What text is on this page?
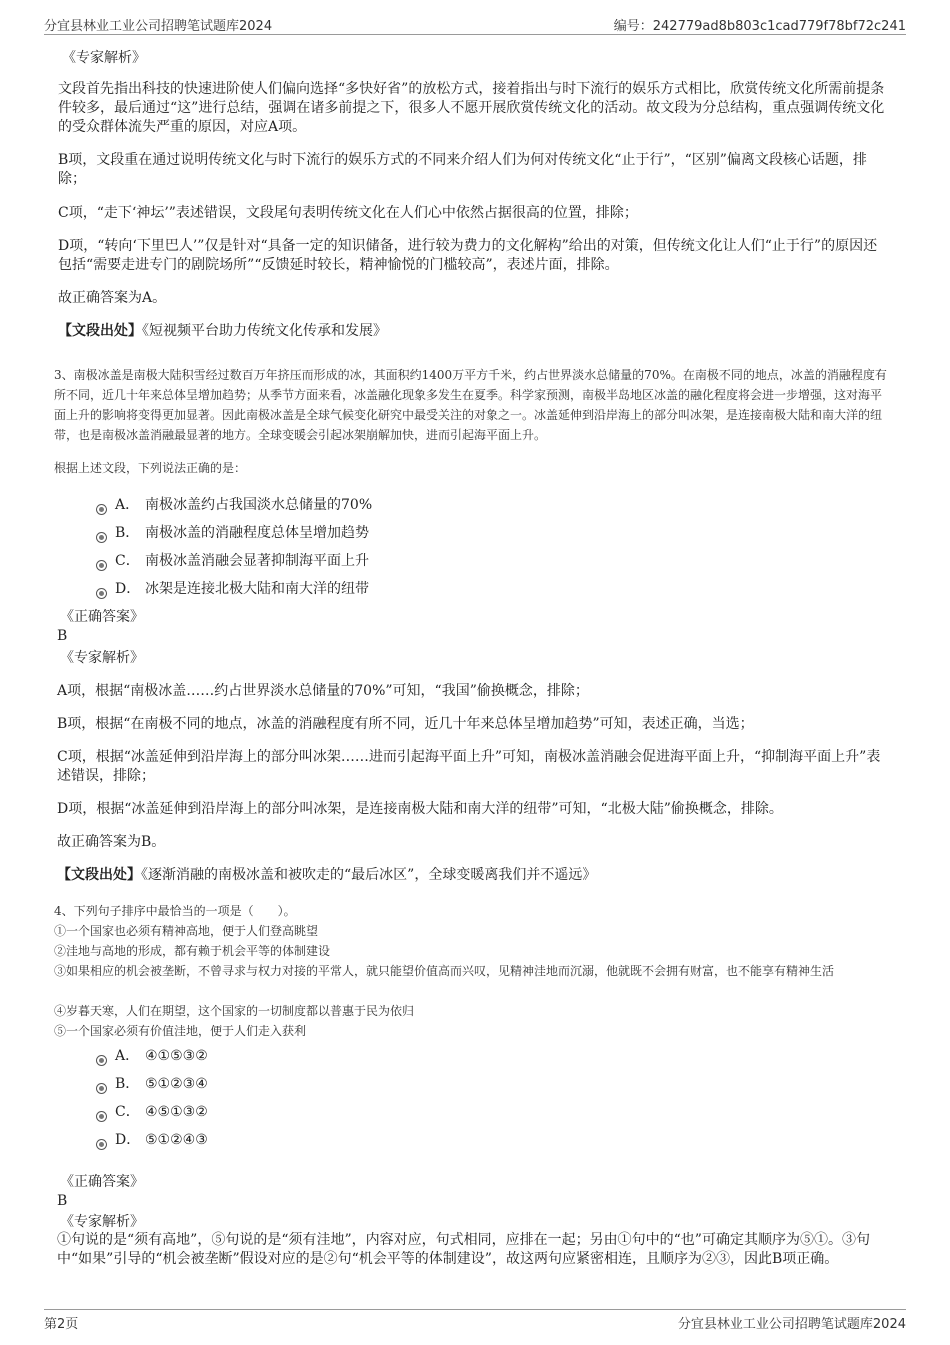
分宜县林业工业公司招聘笔试题库2024	编号：242779ad8b803c1cad779f78bf72c241
《专家解析》
文段首先指出科技的快速进阶使人们偏向选择“多快好省”的放松方式，接着指出与时下流行的娱乐方式相比，欣赏传统文化所需前提条件较多，最后通过“这”进行总结，强调在诸多前提之下，很多人不愿开展欣赏传统文化的活动。故文段为分总结构，重点强调传统文化的受众群体流失严重的原因，对应A项。
B项，文段重在通过说明传统文化与时下流行的娱乐方式的不同来介绍人们为何对传统文化“止于行”，“区别”偏离文段核心话题，排除；
C项，“走下‘神坛’”表述错误，文段尾句表明传统文化在人们心中依然占据很高的位置，排除；
D项，“转向‘下里巴人’”仅是针对“具备一定的知识储备，进行较为费力的文化解构”给出的对策，但传统文化让人们“止于行”的原因还包括“需要走进专门的剧院场所”“反馈延时较长，精神愉悦的门槛较高”，表述片面，排除。
故正确答案为A。
【文段出处】《短视频平台助力传统文化传承和发展》
3、南极冰盖是南极大陆积雪经过数百万年挤压而形成的冰，其面积约1400万平方千米，约占世界淡水总储量的70%。在南极不同的地点，冰盖的消融程度有所不同，近几十年来总体呈增加趋势；从季节方面来看，冰盖融化现象多发生在夏季。科学家预测，南极半岛地区冰盖的融化程度将会进一步增强，这对海平面上升的影响将变得更加显著。因此南极冰盖是全球气候变化研究中最受关注的对象之一。冰盖延伸到沿岸海上的部分叫冰架，是连接南极大陆和南大洋的纽带，也是南极冰盖消融最显著的地方。全球变暖会引起冰架崩解加快，进而引起海平面上升。
根据上述文段，下列说法正确的是：
A． 南极冰盖约占我国淡水总储量的70%
B． 南极冰盖的消融程度总体呈增加趋势
C． 南极冰盖消融会显著抑制海平面上升
D． 冰架是连接北极大陆和南大洋的纽带
《正确答案》
B
《专家解析》
A项，根据“南极冰盖……约占世界淡水总储量的70%”可知，“我国”偷换概念，排除；
B项，根据“在南极不同的地点，冰盖的消融程度有所不同，近几十年来总体呈增加趋势”可知，表述正确，当选；
C项，根据“冰盖延伸到沿岸海上的部分叫冰架……进而引起海平面上升”可知，南极冰盖消融会促进海平面上升，“抑制海平面上升”表述错误，排除；
D项，根据“冰盖延伸到沿岸海上的部分叫冰架，是连接南极大陆和南大洋的纽带”可知，“北极大陆”偷换概念，排除。
故正确答案为B。
【文段出处】《逐渐消融的南极冰盖和被吹走的“最后冰区”，全球变暖离我们并不遥远》
4、下列句子排序中最恰当的一项是（　　）。
①一个国家也必须有精神高地，便于人们登高眺望
②洼地与高地的形成，都有赖于机会平等的体制建设
③如果相应的机会被垄断，不曾寻求与权力对接的平常人，就只能望价值高而兴叹，见精神洼地而沉溺，他就既不会拥有财富，也不能享有精神生活
④岁暮天寒，人们在期望，这个国家的一切制度都以普惠于民为依归
⑤一个国家必须有价值洼地，便于人们走入获利
A． ④①⑤③②
B． ⑤①②③④
C． ④⑤①③②
D． ⑤①②④③
《正确答案》
B
《专家解析》
①句说的是“须有高地”，⑤句说的是“须有洼地”，内容对应，句式相同，应排在一起；另由①句中的“也”可确定其顺序为⑤①。③句中“如果”引导的“机会被垄断”假设对应的是②句“机会平等的体制建设”，故这两句应紧密相连，且顺序为②③，因此B项正确。
第2页	分宜县林业工业公司招聘笔试题库2024
